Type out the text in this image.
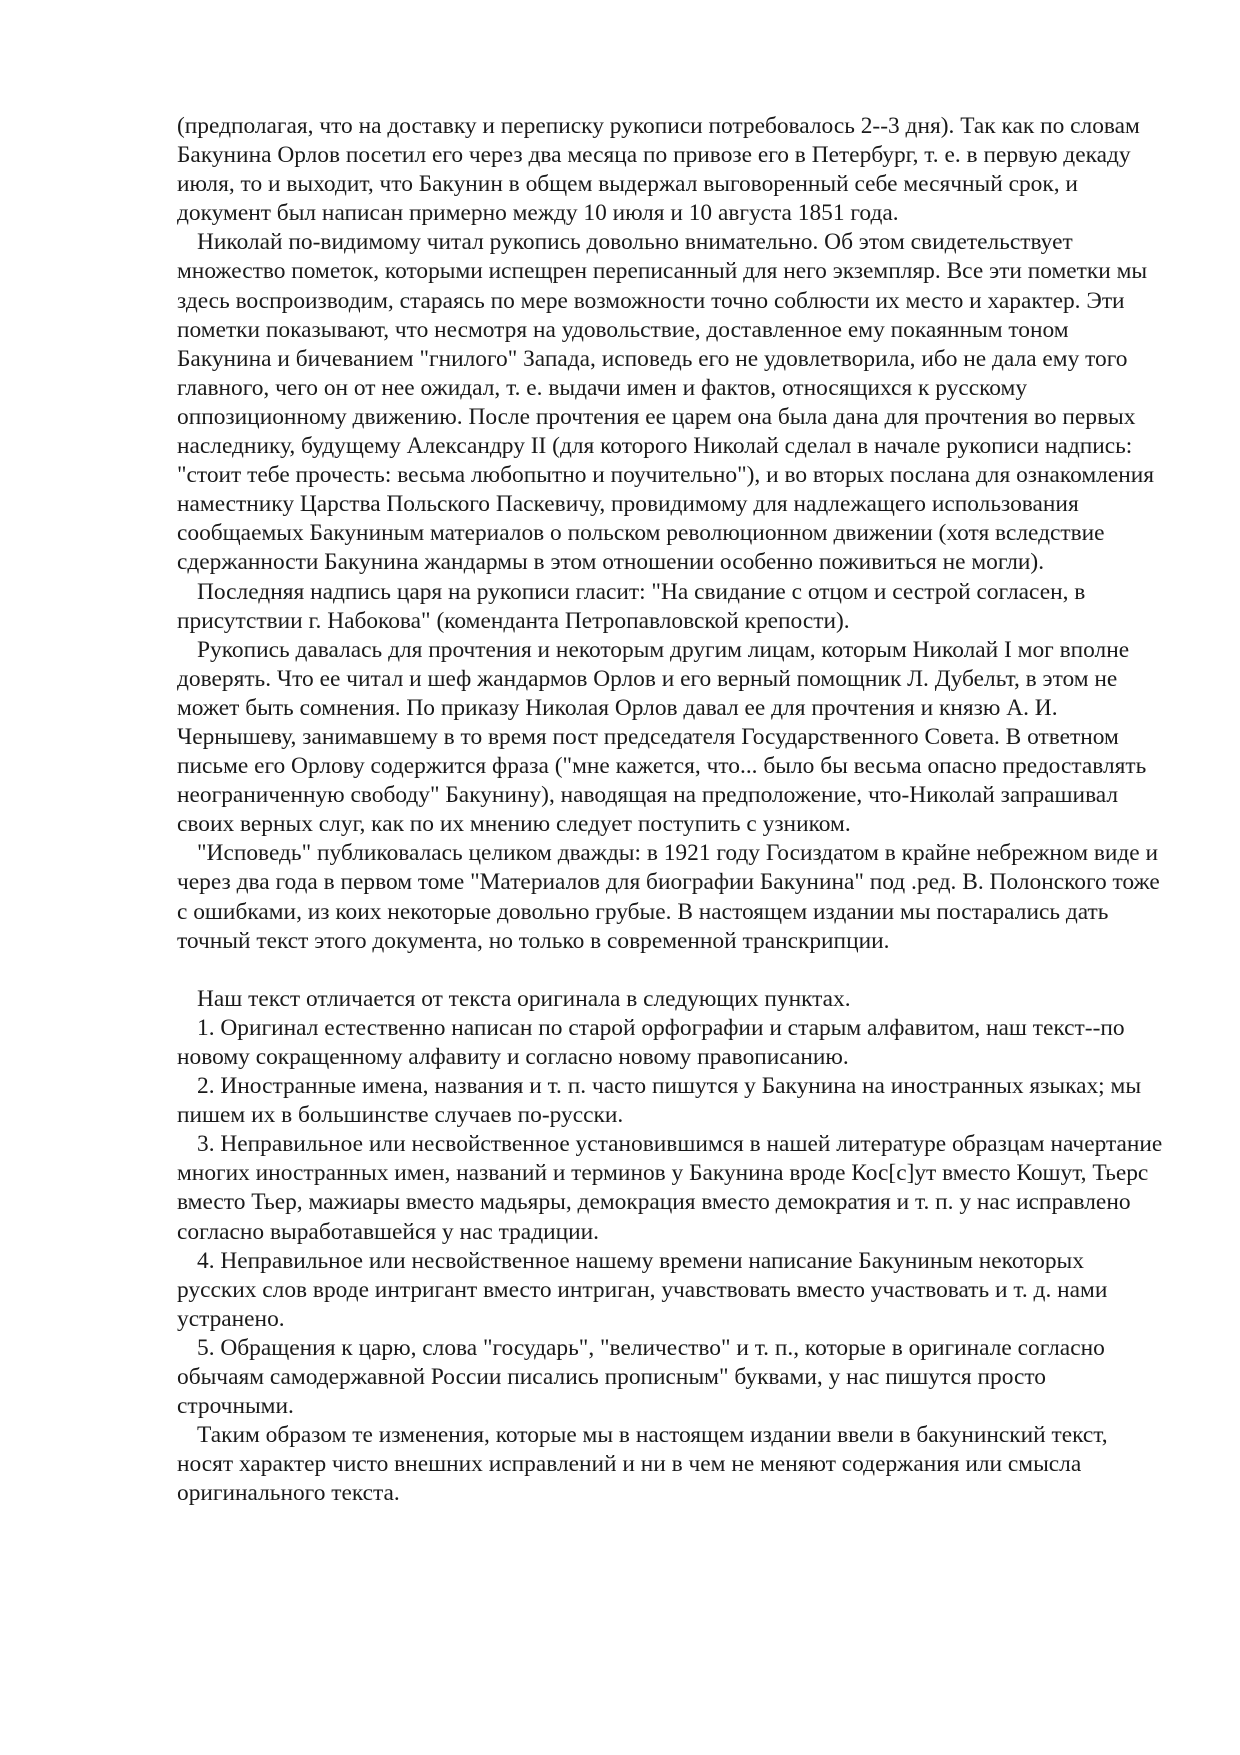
(предполагая, что на доставку и переписку рукописи потребовалось 2--3 дня). Так как по словам Бакунина Орлов посетил его через два месяца по привозе его в Петербург, т. е. в первую декаду июля, то и выходит, что Бакунин в общем выдержал выговоренный себе месячный срок, и документ был написан примерно между 10 июля и 10 августа 1851 года.

Николай по-видимому читал рукопись довольно внимательно. Об этом свидетельствует множество пометок, которыми испещрен переписанный для него экземпляр. Все эти пометки мы здесь воспроизводим, стараясь по мере возможности точно соблюсти их место и характер. Эти пометки показывают, что несмотря на удовольствие, доставленное ему покаянным тоном Бакунина и бичеванием "гнилого" Запада, исповедь его не удовлетворила, ибо не дала ему того главного, чего он от нее ожидал, т. е. выдачи имен и фактов, относящихся к русскому оппозиционному движению. После прочтения ее царем она была дана для прочтения во первых наследнику, будущему Александру II (для которого Николай сделал в начале рукописи надпись: "стоит тебе прочесть: весьма любопытно и поучительно"), и во вторых послана для ознакомления наместнику Царства Польского Паскевичу, провидимому для надлежащего использования сообщаемых Бакуниным материалов о польском революционном движении (хотя вследствие сдержанности Бакунина жандармы в этом отношении особенно поживиться не могли).

Последняя надпись царя на рукописи гласит: "На свидание с отцом и сестрой согласен, в присутствии г. Набокова" (коменданта Петропавловской крепости).

Рукопись давалась для прочтения и некоторым другим лицам, которым Николай I мог вполне доверять. Что ее читал и шеф жандармов Орлов и его верный помощник Л. Дубельт, в этом не может быть сомнения. По приказу Николая Орлов давал ее для прочтения и князю А. И. Чернышеву, занимавшему в то время пост председателя Государственного Совета. В ответном письме его Орлову содержится фраза ("мне кажется, что... было бы весьма опасно предоставлять неограниченную свободу" Бакунину), наводящая на предположение, что-Николай запрашивал своих верных слуг, как по их мнению следует поступить с узником.

"Исповедь" публиковалась целиком дважды: в 1921 году Госиздатом в крайне небрежном виде и через два года в первом томе "Материалов для биографии Бакунина" под .ред. В. Полонского тоже с ошибками, из коих некоторые довольно грубые. В настоящем издании мы постарались дать точный текст этого документа, но только в современной транскрипции.

Наш текст отличается от текста оригинала в следующих пунктах.

1. Оригинал естественно написан по старой орфографии и старым алфавитом, наш текст--по новому сокращенному алфавиту и согласно новому правописанию.

2. Иностранные имена, названия и т. п. часто пишутся у Бакунина на иностранных языках; мы пишем их в большинстве случаев по-русски.

3. Неправильное или несвойственное установившимся в нашей литературе образцам начертание многих иностранных имен, названий и терминов у Бакунина вроде Кос[с]ут вместо Кошут, Тьерс вместо Тьер, мажиары вместо мадьяры, демокрация вместо демократия и т. п. у нас исправлено согласно выработавшейся у нас традиции.

4. Неправильное или несвойственное нашему времени написание Бакуниным некоторых русских слов вроде интригант вместо интриган, учавствовать вместо участвовать и т. д. нами устранено.

5. Обращения к царю, слова "государь", "величество" и т. п., которые в оригинале согласно обычаям самодержавной России писались прописным" буквами, у нас пишутся просто строчными.

Таким образом те изменения, которые мы в настоящем издании ввели в бакунинский текст, носят характер чисто внешних исправлений и ни в чем не меняют содержания или смысла оригинального текста.
